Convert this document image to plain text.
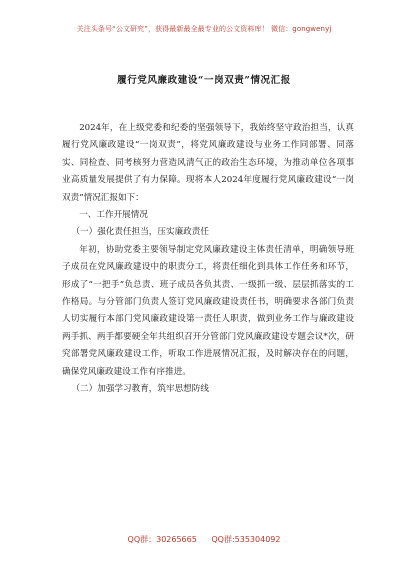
关注头条号“公文研究”，获得最新最全最专业的公文资料库！ 微信：gongwenyj
履行党风廉政建设“一岗双责”情况汇报

2024年，在上级党委和纪委的坚强领导下，我始终坚守政治担当，认真履行党风廉政建设“一岗双责”，将党风廉政建设与业务工作同部署、同落实、同检查、同考核努力营造风清气正的政治生态环境，为推动单位各项事业高质量发展提供了有力保障。现将本人2024年度履行党风廉政建设“一岗双责”情况汇报如下：

一、工作开展情况

（一）强化责任担当，压实廉政责任

年初，协助党委主要领导制定党风廉政建设主体责任清单，明确领导班子成员在党风廉政建设中的职责分工，将责任细化到具体工作任务和环节，形成了“一把手”负总责、班子成员各负其责、一级抓一级、层层抓落实的工作格局。与分管部门负责人签订党风廉政建设责任书，明确要求各部门负责人切实履行本部门党风廉政建设第一责任人职责，做到业务工作与廉政建设两手抓、两手都要硬全年共组织召开分管部门党风廉政建设专题会议*次，研究部署党风廉政建设工作，听取工作进展情况汇报，及时解决存在的问题，确保党风廉政建设工作有序推进。

（二）加强学习教育，筑牢思想防线

QQ群：30265665 QQ群:535304092
